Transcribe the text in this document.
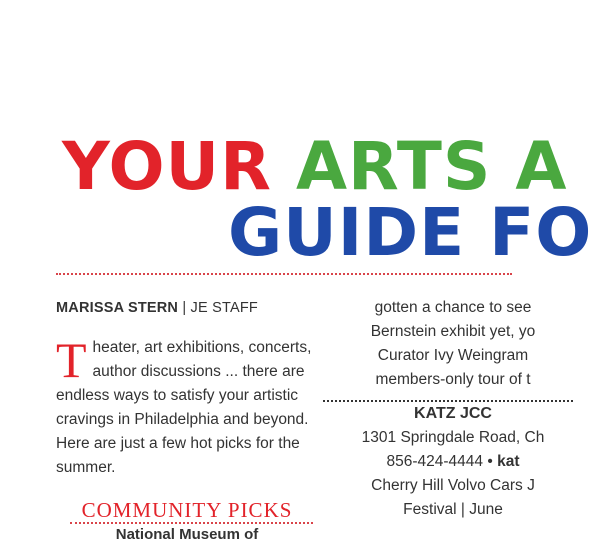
YOUR ARTS A
GUIDE FO

MARISSA STERN | JE STAFF

Theater, art exhibitions, concerts, author discussions ... there are endless ways to satisfy your artistic cravings in Philadelphia and beyond. Here are just a few hot picks for the summer.

COMMUNITY PICKS
National Museum of

gotten a chance to see

Bernstein exhibit yet, yo

Curator Ivy Weingram

members-only tour of t

KATZ JCC

1301 Springdale Road, Ch

856-424-4444 • kat

Cherry Hill Volvo Cars J

Festival | June
